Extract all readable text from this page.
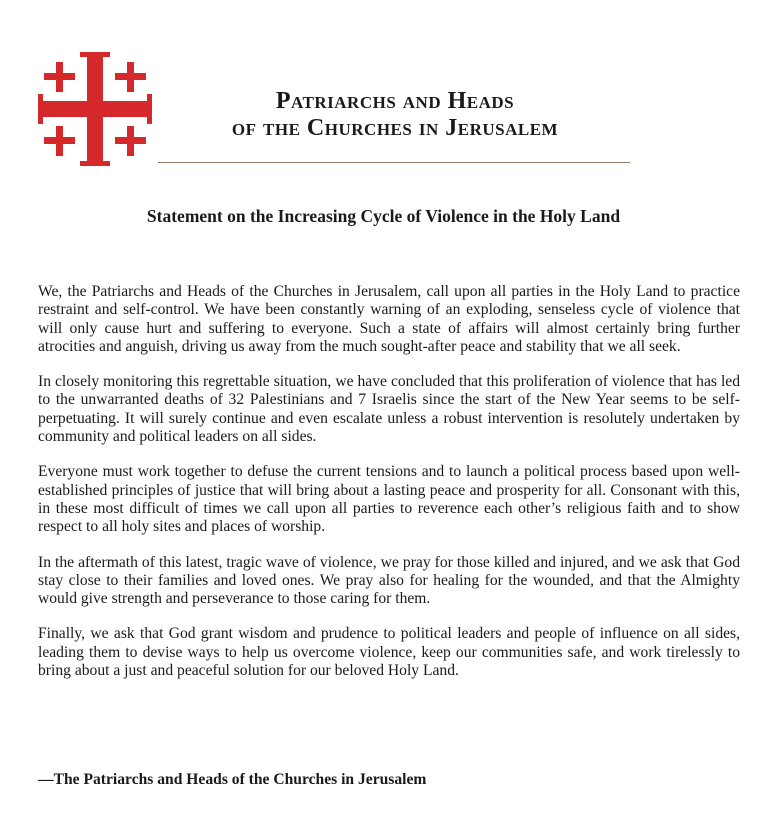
Patriarchs and Heads
of the Churches in Jerusalem
Statement on the Increasing Cycle of Violence in the Holy Land

We, the Patriarchs and Heads of the Churches in Jerusalem, call upon all parties in the Holy Land to practice restraint and self-control. We have been constantly warning of an exploding, senseless cycle of violence that will only cause hurt and suffering to everyone. Such a state of affairs will almost certainly bring further atrocities and anguish, driving us away from the much sought-after peace and stability that we all seek.

In closely monitoring this regrettable situation, we have concluded that this proliferation of violence that has led to the unwarranted deaths of 32 Palestinians and 7 Israelis since the start of the New Year seems to be self-perpetuating. It will surely continue and even escalate unless a robust intervention is resolutely undertaken by community and political leaders on all sides.

Everyone must work together to defuse the current tensions and to launch a political process based upon well-established principles of justice that will bring about a lasting peace and prosperity for all. Consonant with this, in these most difficult of times we call upon all parties to reverence each other’s religious faith and to show respect to all holy sites and places of worship.

In the aftermath of this latest, tragic wave of violence, we pray for those killed and injured, and we ask that God stay close to their families and loved ones. We pray also for healing for the wounded, and that the Almighty would give strength and perseverance to those caring for them.

Finally, we ask that God grant wisdom and prudence to political leaders and people of influence on all sides, leading them to devise ways to help us overcome violence, keep our communities safe, and work tirelessly to bring about a just and peaceful solution for our beloved Holy Land.

—The Patriarchs and Heads of the Churches in Jerusalem
